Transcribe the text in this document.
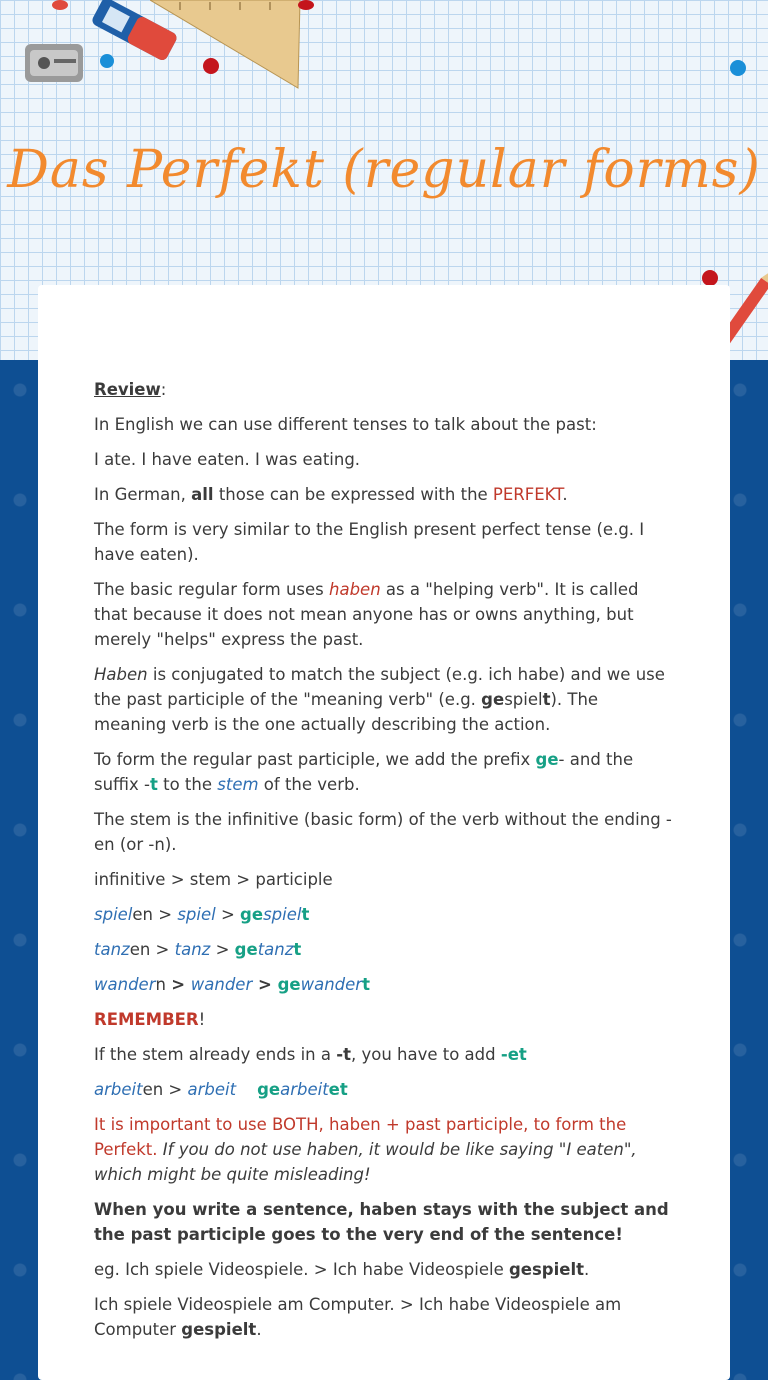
Das Perfekt (regular forms)

Review:

In English we can use different tenses to talk about the past:

I ate. I have eaten. I was eating.

In German, all those can be expressed with the PERFEKT.

The form is very similar to the English present perfect tense (e.g. I have eaten).

The basic regular form uses haben as a "helping verb". It is called that because it does not mean anyone has or owns anything, but merely "helps" express the past.

Haben is conjugated to match the subject (e.g. ich habe) and we use the past participle of the "meaning verb" (e.g. gespielt). The meaning verb is the one actually describing the action.

To form the regular past participle, we add the prefix ge- and the suffix -t to the stem of the verb.

The stem is the infinitive (basic form) of the verb without the ending -en (or -n).

infinitive > stem > participle

spielen > spiel > gespielt

tanzen > tanz > getanzt

wandern > wander > gewandert

REMEMBER!

If the stem already ends in a -t, you have to add -et

arbeiten > arbeit gearbeitet

It is important to use BOTH, haben + past participle, to form the Perfekt. If you do not use haben, it would be like saying "I eaten", which might be quite misleading!

When you write a sentence, haben stays with the subject and the past participle goes to the very end of the sentence!

eg. Ich spiele Videospiele. > Ich habe Videospiele gespielt.

Ich spiele Videospiele am Computer. > Ich habe Videospiele am Computer gespielt.
